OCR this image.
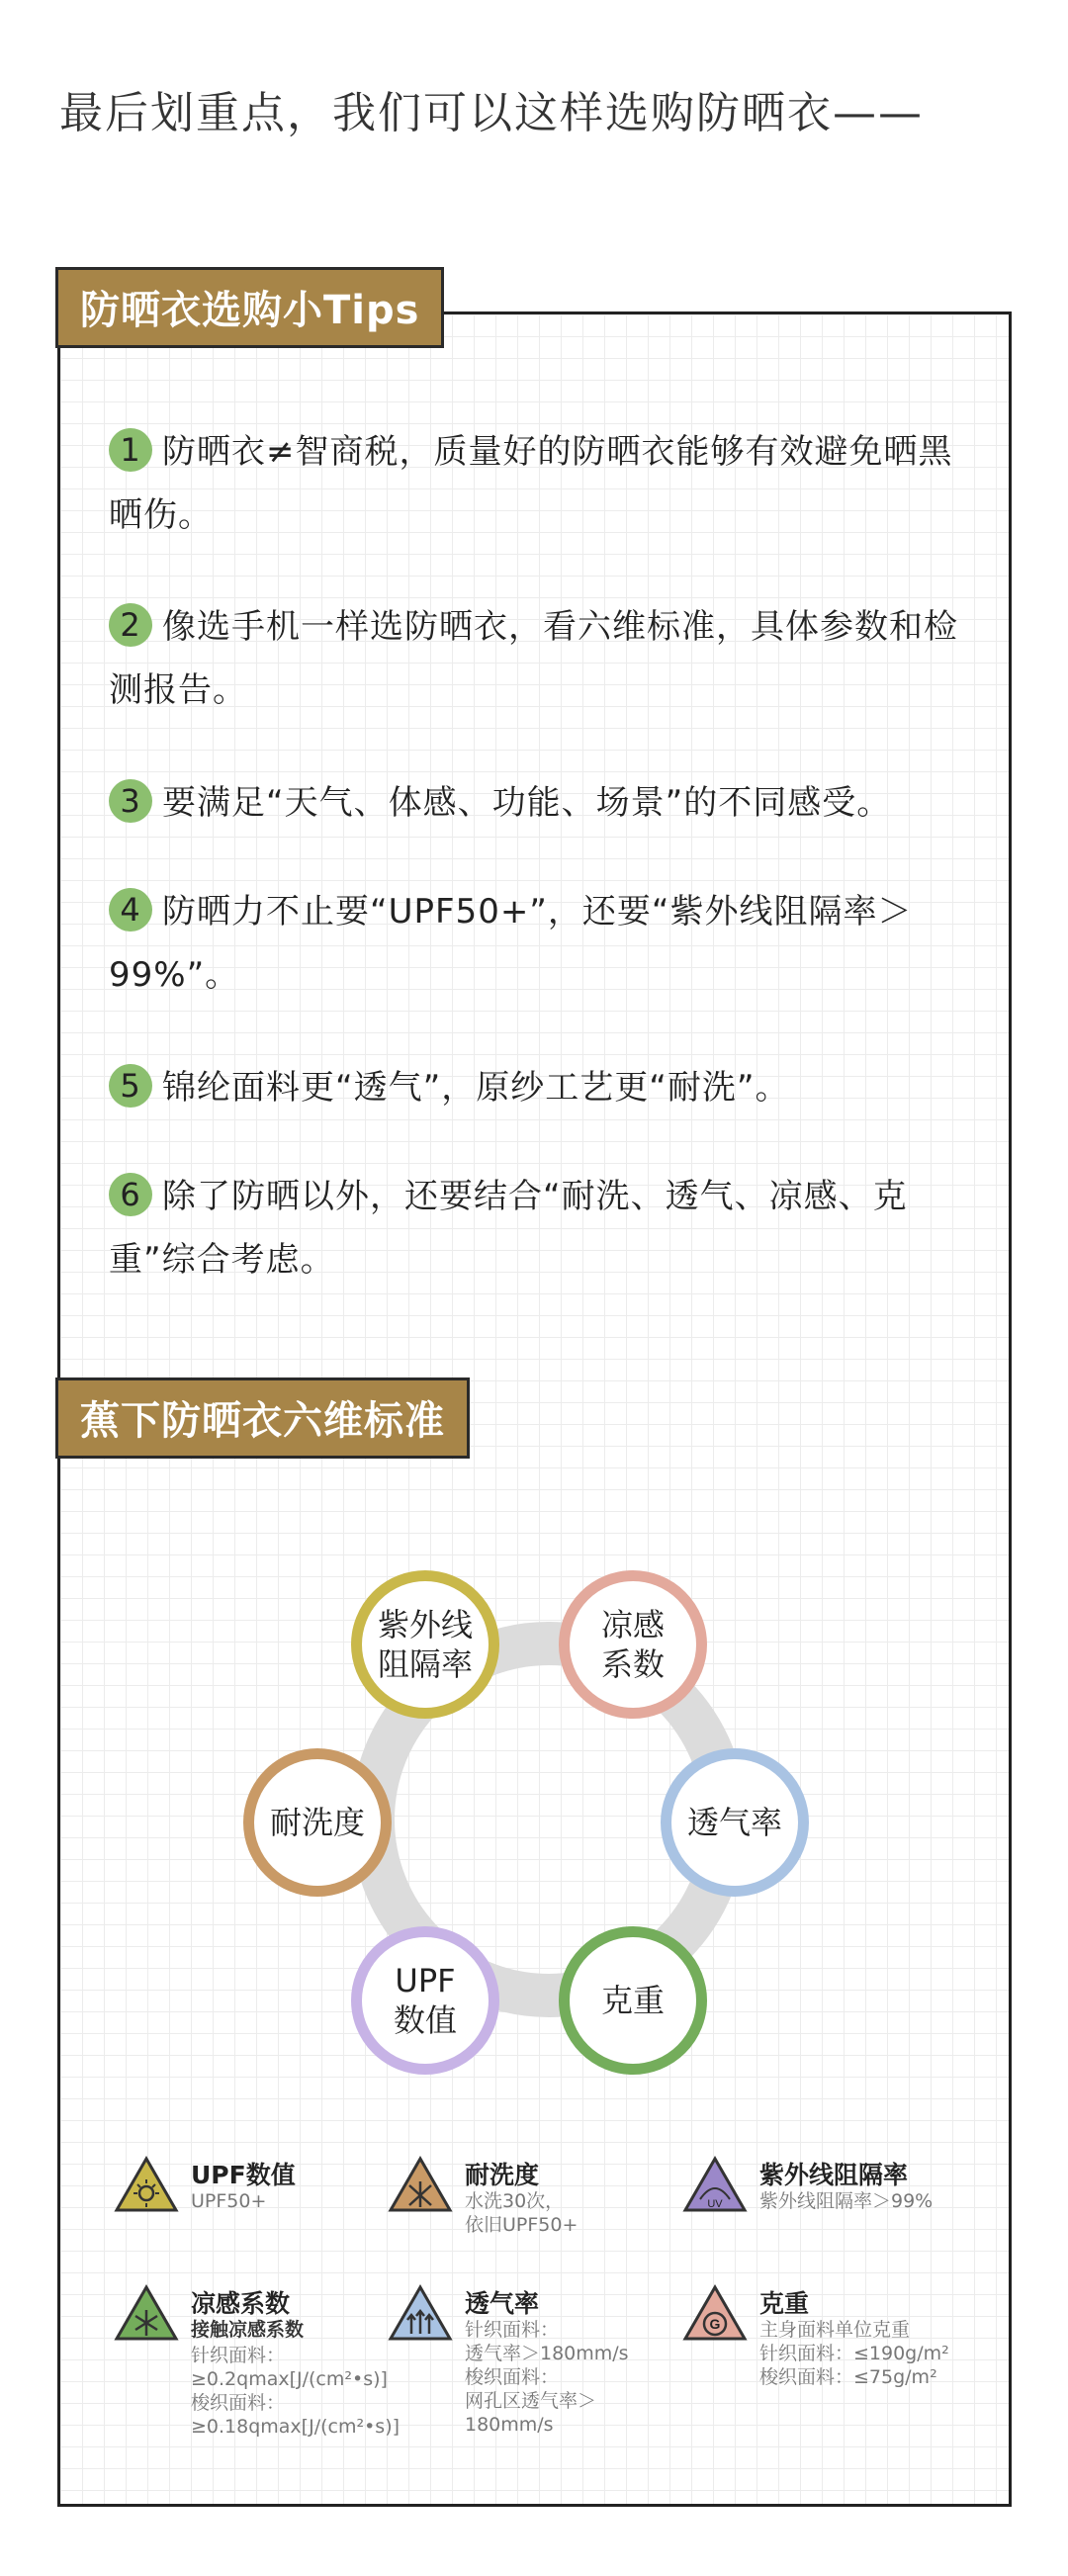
最后划重点，我们可以这样选购防晒衣——
防晒衣选购小Tips
1 防晒衣≠智商税，质量好的防晒衣能够有效避免晒黑晒伤。
2 像选手机一样选防晒衣，看六维标准，具体参数和检测报告。
3 要满足“天气、体感、功能、场景”的不同感受。
4 防晒力不止要“UPF50+”，还要“紫外线阻隔率＞99%”。
5 锦纶面料更“透气”，原纱工艺更“耐洗”。
6 除了防晒以外，还要结合“耐洗、透气、凉感、克重”综合考虑。
蕉下防晒衣六维标准
紫外线
阻隔率
凉感
系数
透气率
克重
UPF
数值
耐洗度
UPF数值
UPF50+
耐洗度
水洗30次，
依旧UPF50+
UV
紫外线阻隔率
紫外线阻隔率＞99%
凉感系数
接触凉感系数
针织面料：
≥0.2qmax[J/(cm²•s)]
梭织面料：
≥0.18qmax[J/(cm²•s)]
透气率
针织面料：
透气率＞180mm/s
梭织面料：
网孔区透气率＞180mm/s
G
克重
主身面料单位克重
针织面料：≤190g/m²
梭织面料：≤75g/m²
